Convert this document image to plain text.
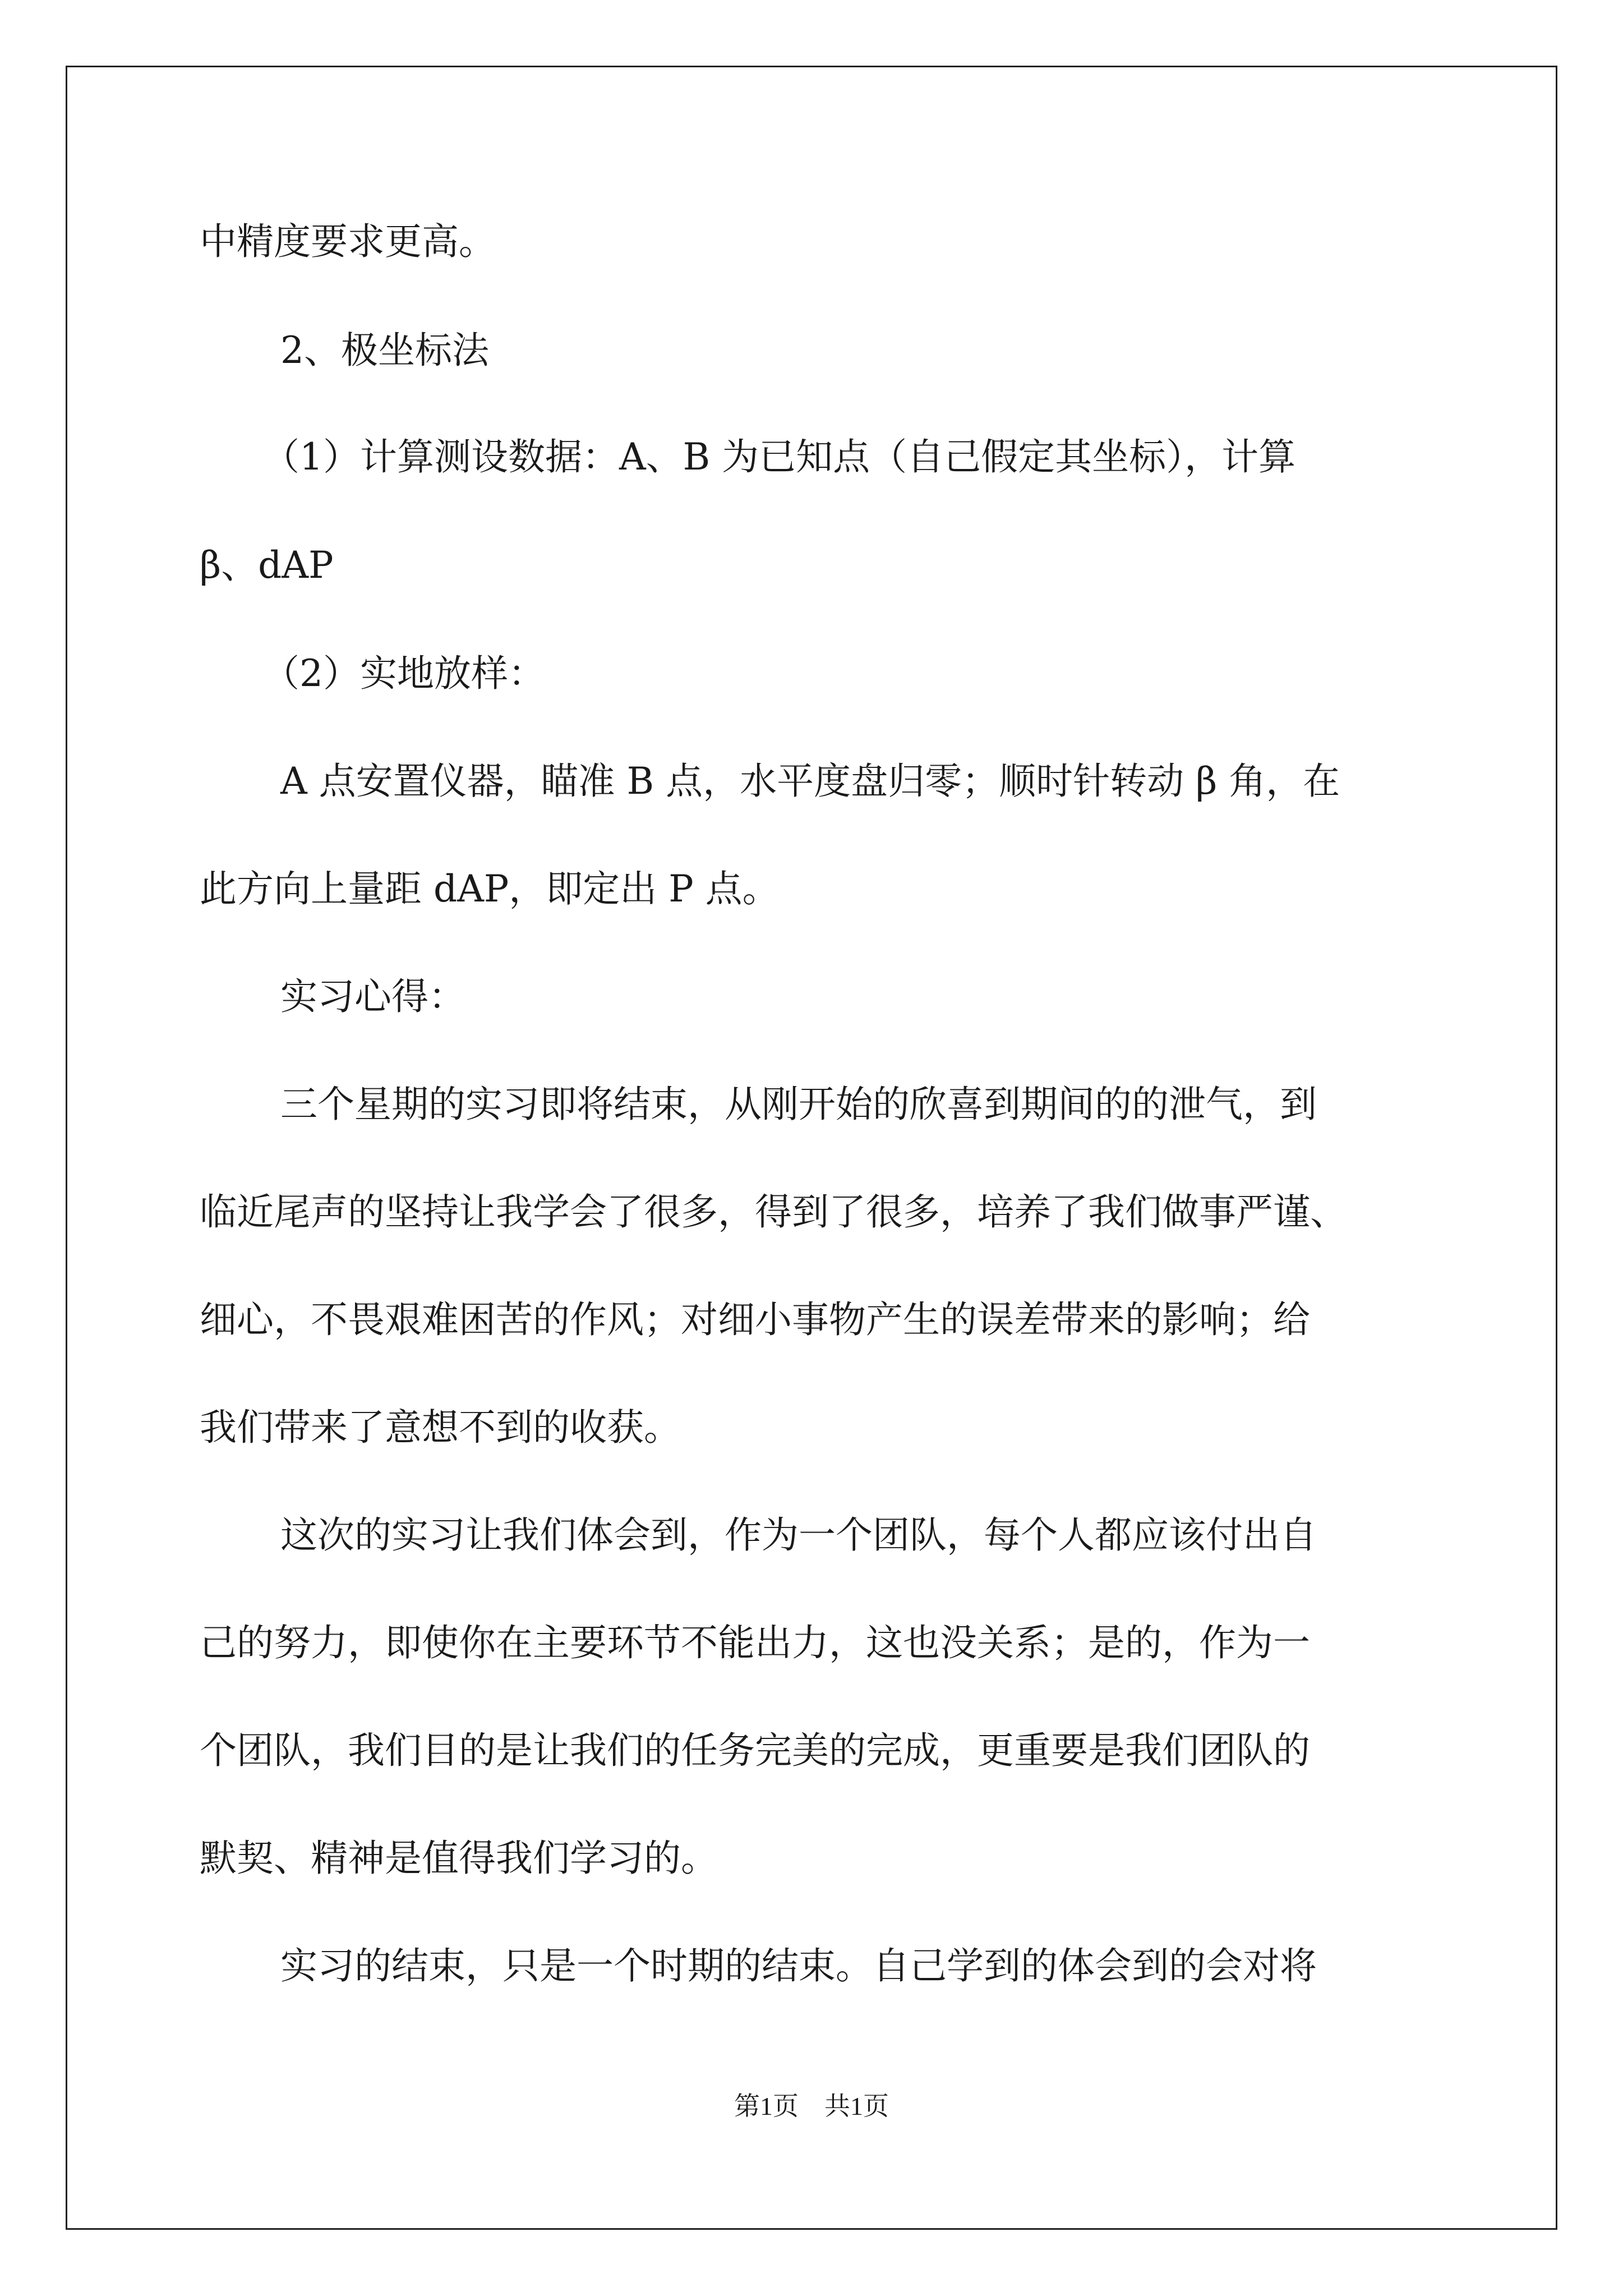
中精度要求更高。

2、极坐标法

（1）计算测设数据：A、B 为已知点（自己假定其坐标），计算

β、dAP

（2）实地放样：

A 点安置仪器，瞄准 B 点，水平度盘归零；顺时针转动 β 角，在

此方向上量距 dAP，即定出 P 点。

实习心得：

三个星期的实习即将结束，从刚开始的欣喜到期间的的泄气，到

临近尾声的坚持让我学会了很多，得到了很多，培养了我们做事严谨、

细心，不畏艰难困苦的作风；对细小事物产生的误差带来的影响；给

我们带来了意想不到的收获。

这次的实习让我们体会到，作为一个团队，每个人都应该付出自

己的努力，即使你在主要环节不能出力，这也没关系；是的，作为一

个团队，我们目的是让我们的任务完美的完成，更重要是我们团队的

默契、精神是值得我们学习的。

实习的结束，只是一个时期的结束。自己学到的体会到的会对将

第1页　共1页
